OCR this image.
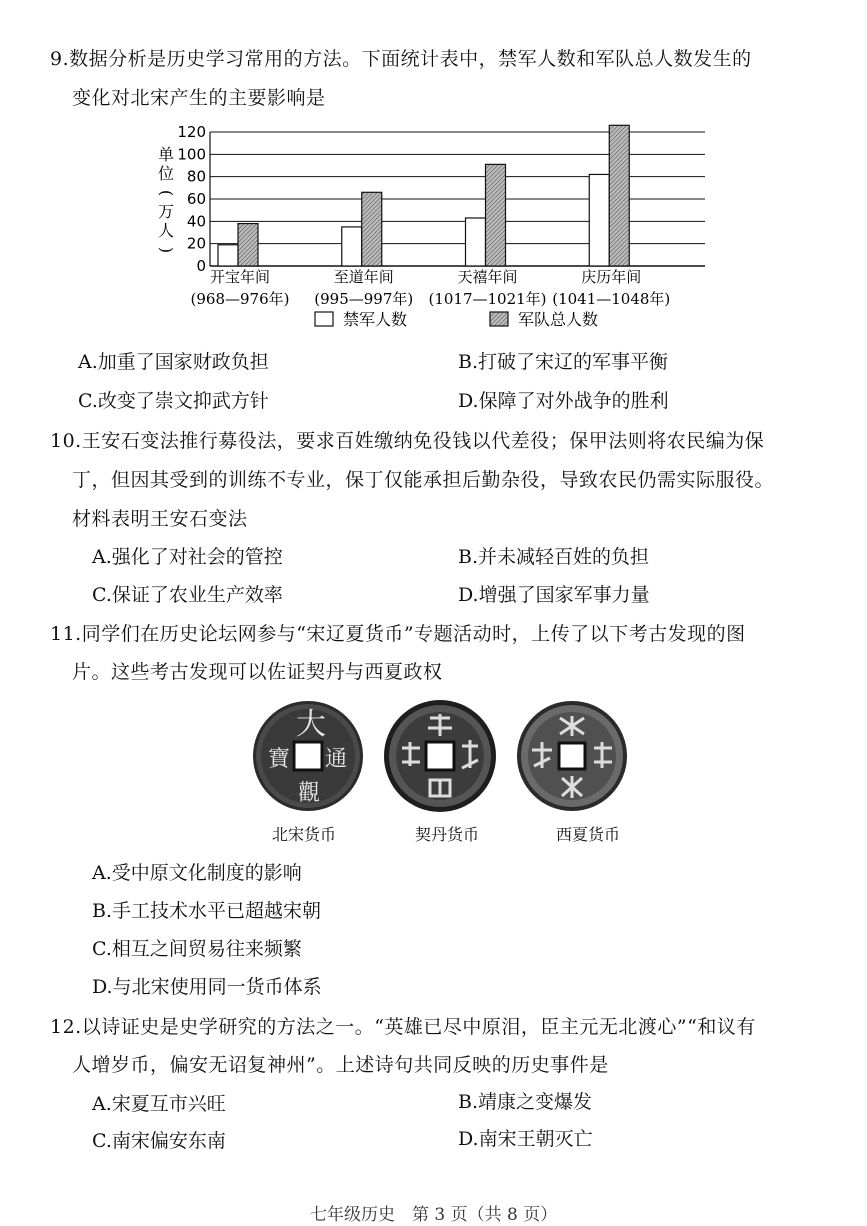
9.数据分析是历史学习常用的方法。下面统计表中，禁军人数和军队总人数发生的
变化对北宋产生的主要影响是
0
20
40
60
80
100
120
开宝年间
(968—976年)
至道年间
(995—997年)
天禧年间
(1017—1021年)
庆历年间
(1041—1048年)
单
位
(
万
人
)
禁军人数	军队总人数
A.加重了国家财政负担	B.打破了宋辽的军事平衡
C.改变了崇文抑武方针	D.保障了对外战争的胜利
10.王安石变法推行募役法，要求百姓缴纳免役钱以代差役；保甲法则将农民编为保
丁，但因其受到的训练不专业，保丁仅能承担后勤杂役，导致农民仍需实际服役。
材料表明王安石变法
A.强化了对社会的管控	B.并未减轻百姓的负担
C.保证了农业生产效率	D.增强了国家军事力量
11.同学们在历史论坛网参与“宋辽夏货币”专题活动时，上传了以下考古发现的图
片。这些考古发现可以佐证契丹与西夏政权
大
通
觀
寶
北宋货币	契丹货币	西夏货币
A.受中原文化制度的影响
B.手工技术水平已超越宋朝
C.相互之间贸易往来频繁
D.与北宋使用同一货币体系
12.以诗证史是史学研究的方法之一。“英雄已尽中原泪，臣主元无北渡心”“和议有
人增岁币，偏安无诏复神州”。上述诗句共同反映的历史事件是
A.宋夏互市兴旺	B.靖康之变爆发
C.南宋偏安东南	D.南宋王朝灭亡
七年级历史　第 3 页（共 8 页）
